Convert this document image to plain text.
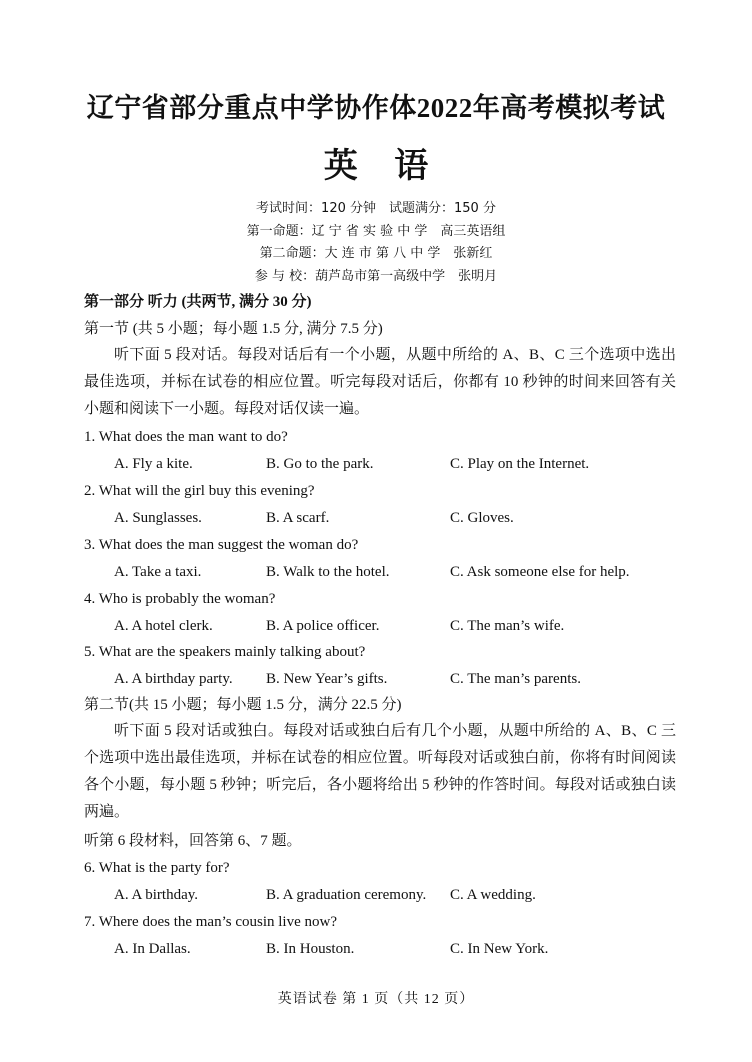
辽宁省部分重点中学协作体2022年高考模拟考试
英 语
考试时间：120 分钟　试题满分：150 分
第一命题：辽 宁 省 实 验 中 学　高三英语组
第二命题：大 连 市 第 八 中 学　张新红
参 与 校：葫芦岛市第一高级中学　张明月
第一部分 听力 (共两节, 满分 30 分)
第一节 (共 5 小题；每小题 1.5 分, 满分 7.5 分)
听下面 5 段对话。每段对话后有一个小题，从题中所给的 A、B、C 三个选项中选出最佳选项，并标在试卷的相应位置。听完每段对话后，你都有 10 秒钟的时间来回答有关小题和阅读下一小题。每段对话仅读一遍。
1. What does the man want to do?
A. Fly a kite.	B. Go to the park.	C. Play on the Internet.
2. What will the girl buy this evening?
A. Sunglasses.	B. A scarf.	C. Gloves.
3. What does the man suggest the woman do?
A. Take a taxi.	B. Walk to the hotel.	C. Ask someone else for help.
4. Who is probably the woman?
A. A hotel clerk.	B. A police officer.	C. The man’s wife.
5. What are the speakers mainly talking about?
A. A birthday party. B. New Year’s gifts.	C. The man’s parents.
第二节(共 15 小题；每小题 1.5 分，满分 22.5 分)
听下面 5 段对话或独白。每段对话或独白后有几个小题，从题中所给的 A、B、C 三个选项中选出最佳选项，并标在试卷的相应位置。听每段对话或独白前，你将有时间阅读各个小题，每小题 5 秒钟；听完后，各小题将给出 5 秒钟的作答时间。每段对话或独白读两遍。
听第 6 段材料，回答第 6、7 题。
6. What is the party for?
A. A birthday.	B. A graduation ceremony. C. A wedding.
7. Where does the man’s cousin live now?
A. In Dallas.	B. In Houston.	C. In New York.
英语试卷 第 1 页（共 12 页）
